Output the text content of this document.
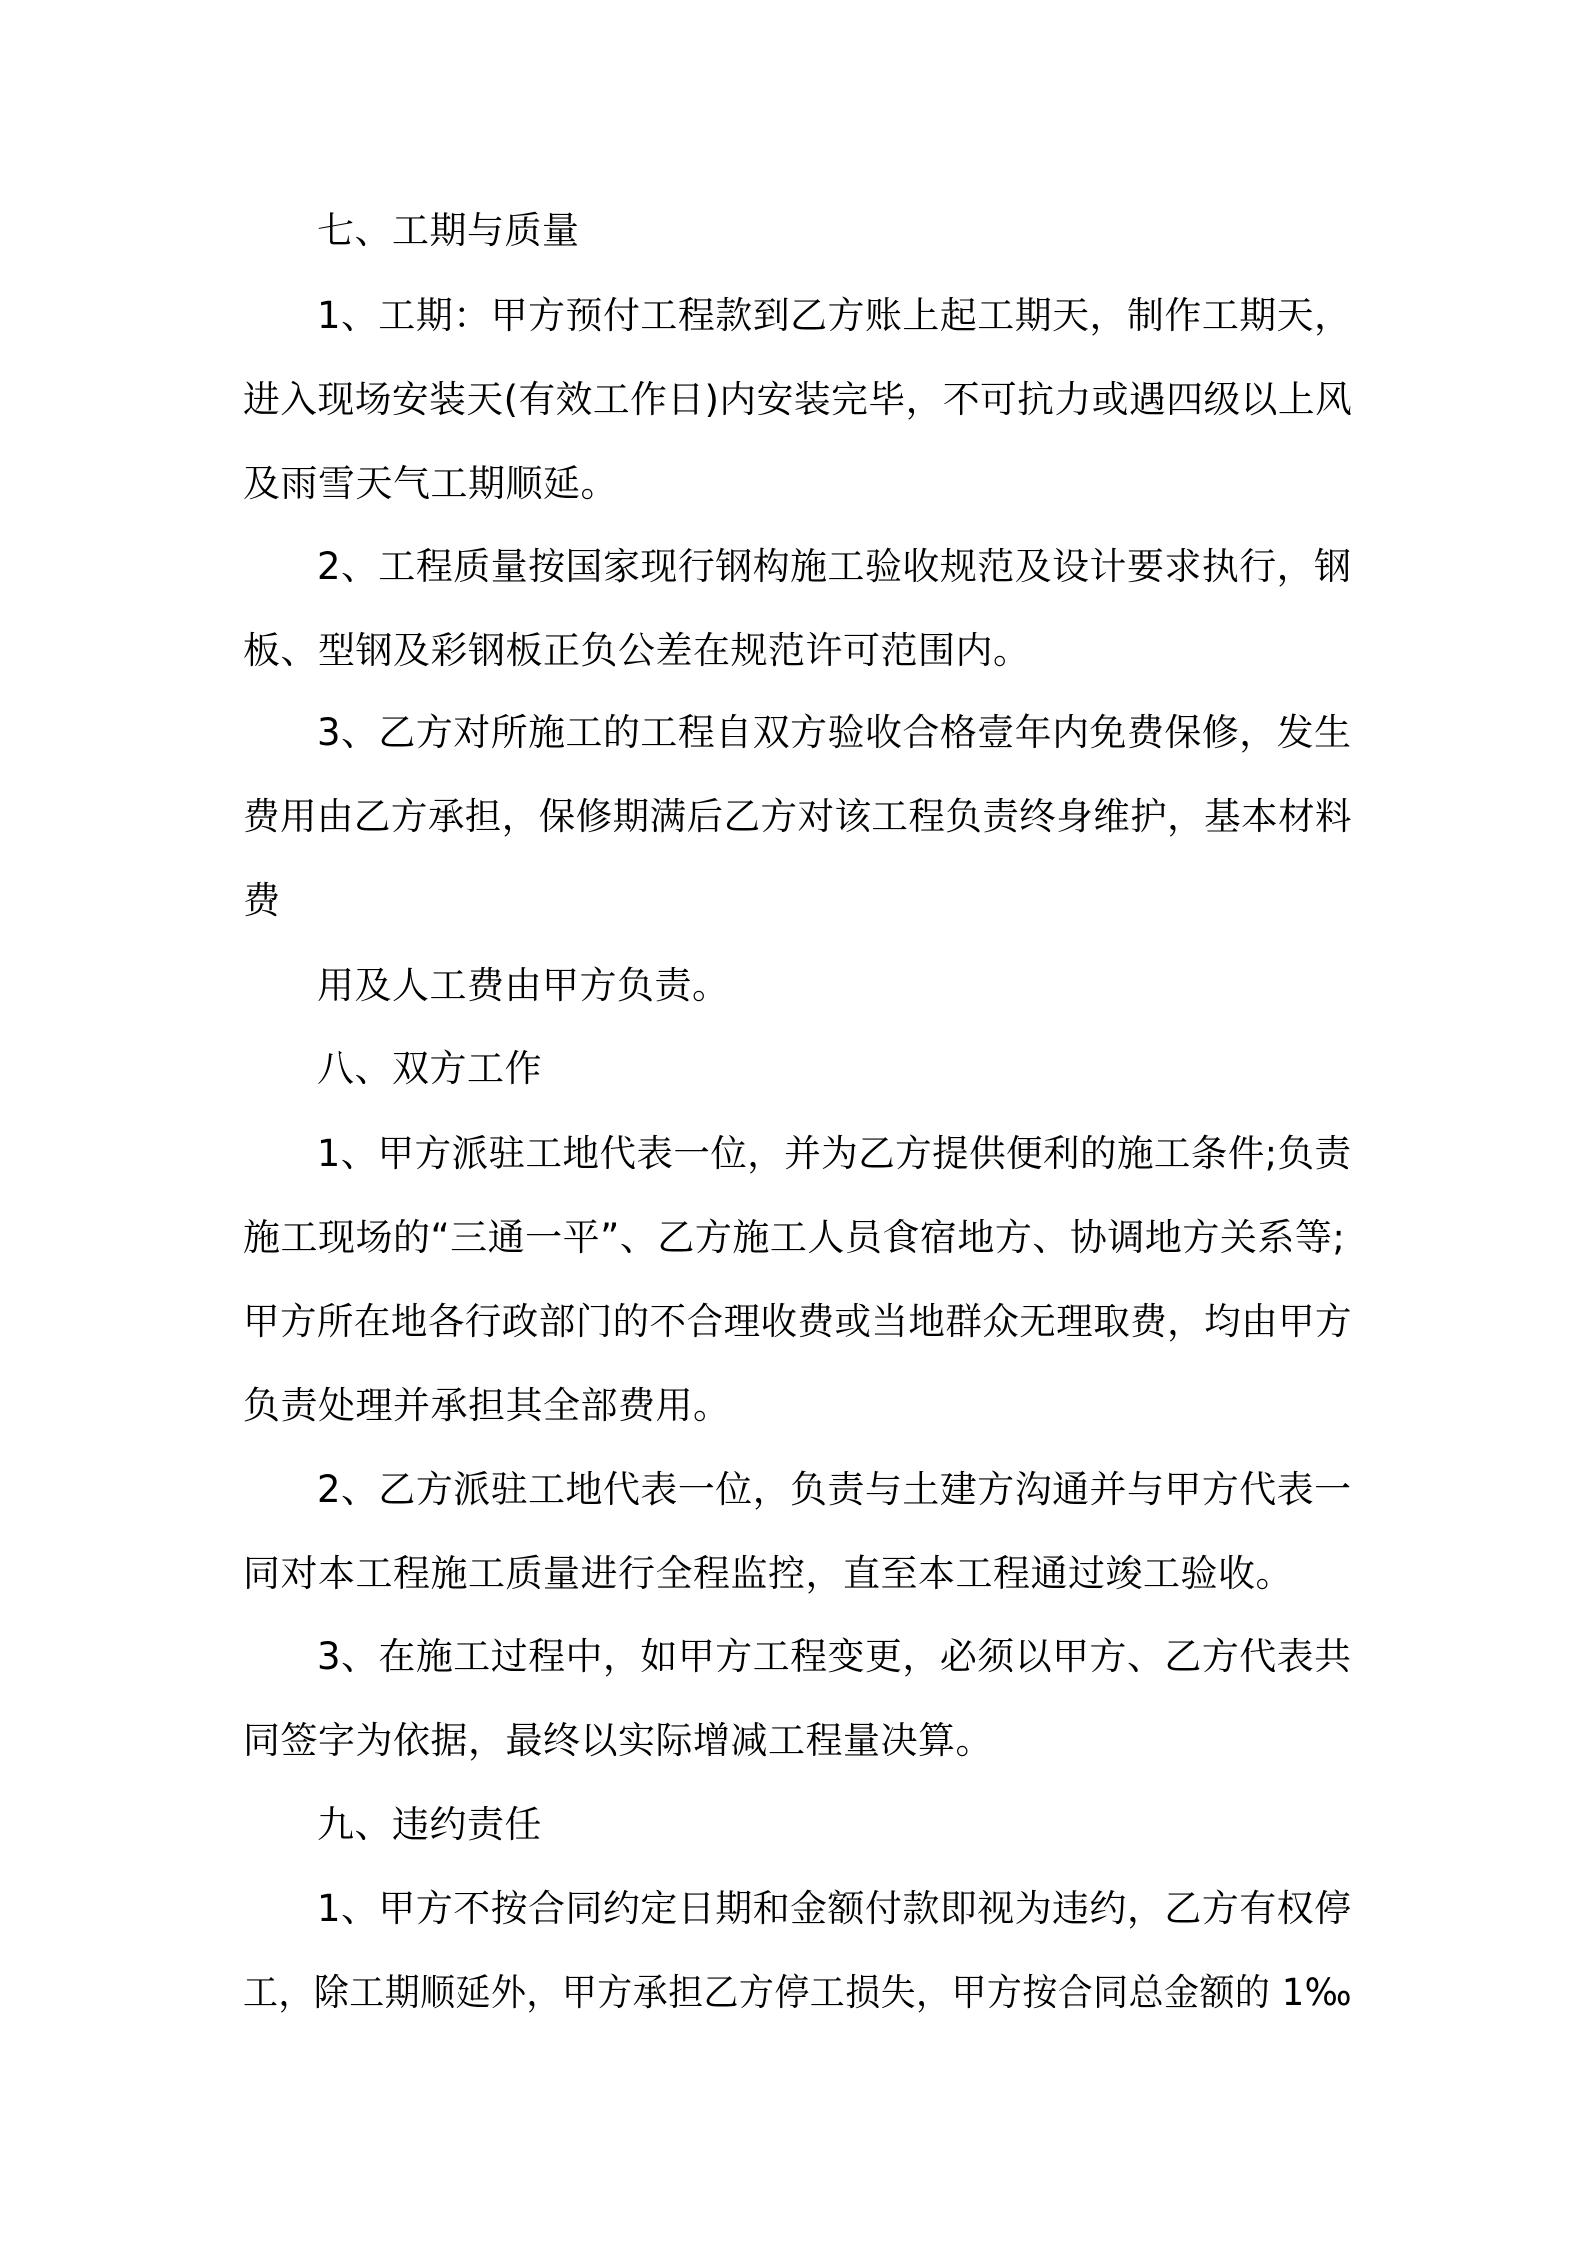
七、工期与质量
1、工期：甲方预付工程款到乙方账上起工期天，制作工期天，
进入现场安装天(有效工作日)内安装完毕，不可抗力或遇四级以上风
及雨雪天气工期顺延。
2、工程质量按国家现行钢构施工验收规范及设计要求执行，钢
板、型钢及彩钢板正负公差在规范许可范围内。
3、乙方对所施工的工程自双方验收合格壹年内免费保修，发生
费用由乙方承担，保修期满后乙方对该工程负责终身维护，基本材料
费
用及人工费由甲方负责。
八、双方工作
1、甲方派驻工地代表一位，并为乙方提供便利的施工条件;负责
施工现场的“三通一平”、乙方施工人员食宿地方、协调地方关系等;
甲方所在地各行政部门的不合理收费或当地群众无理取费，均由甲方
负责处理并承担其全部费用。
2、乙方派驻工地代表一位，负责与土建方沟通并与甲方代表一
同对本工程施工质量进行全程监控，直至本工程通过竣工验收。
3、在施工过程中，如甲方工程变更，必须以甲方、乙方代表共
同签字为依据，最终以实际增减工程量决算。
九、违约责任
1、甲方不按合同约定日期和金额付款即视为违约，乙方有权停
工，除工期顺延外，甲方承担乙方停工损失，甲方按合同总金额的 1‰
